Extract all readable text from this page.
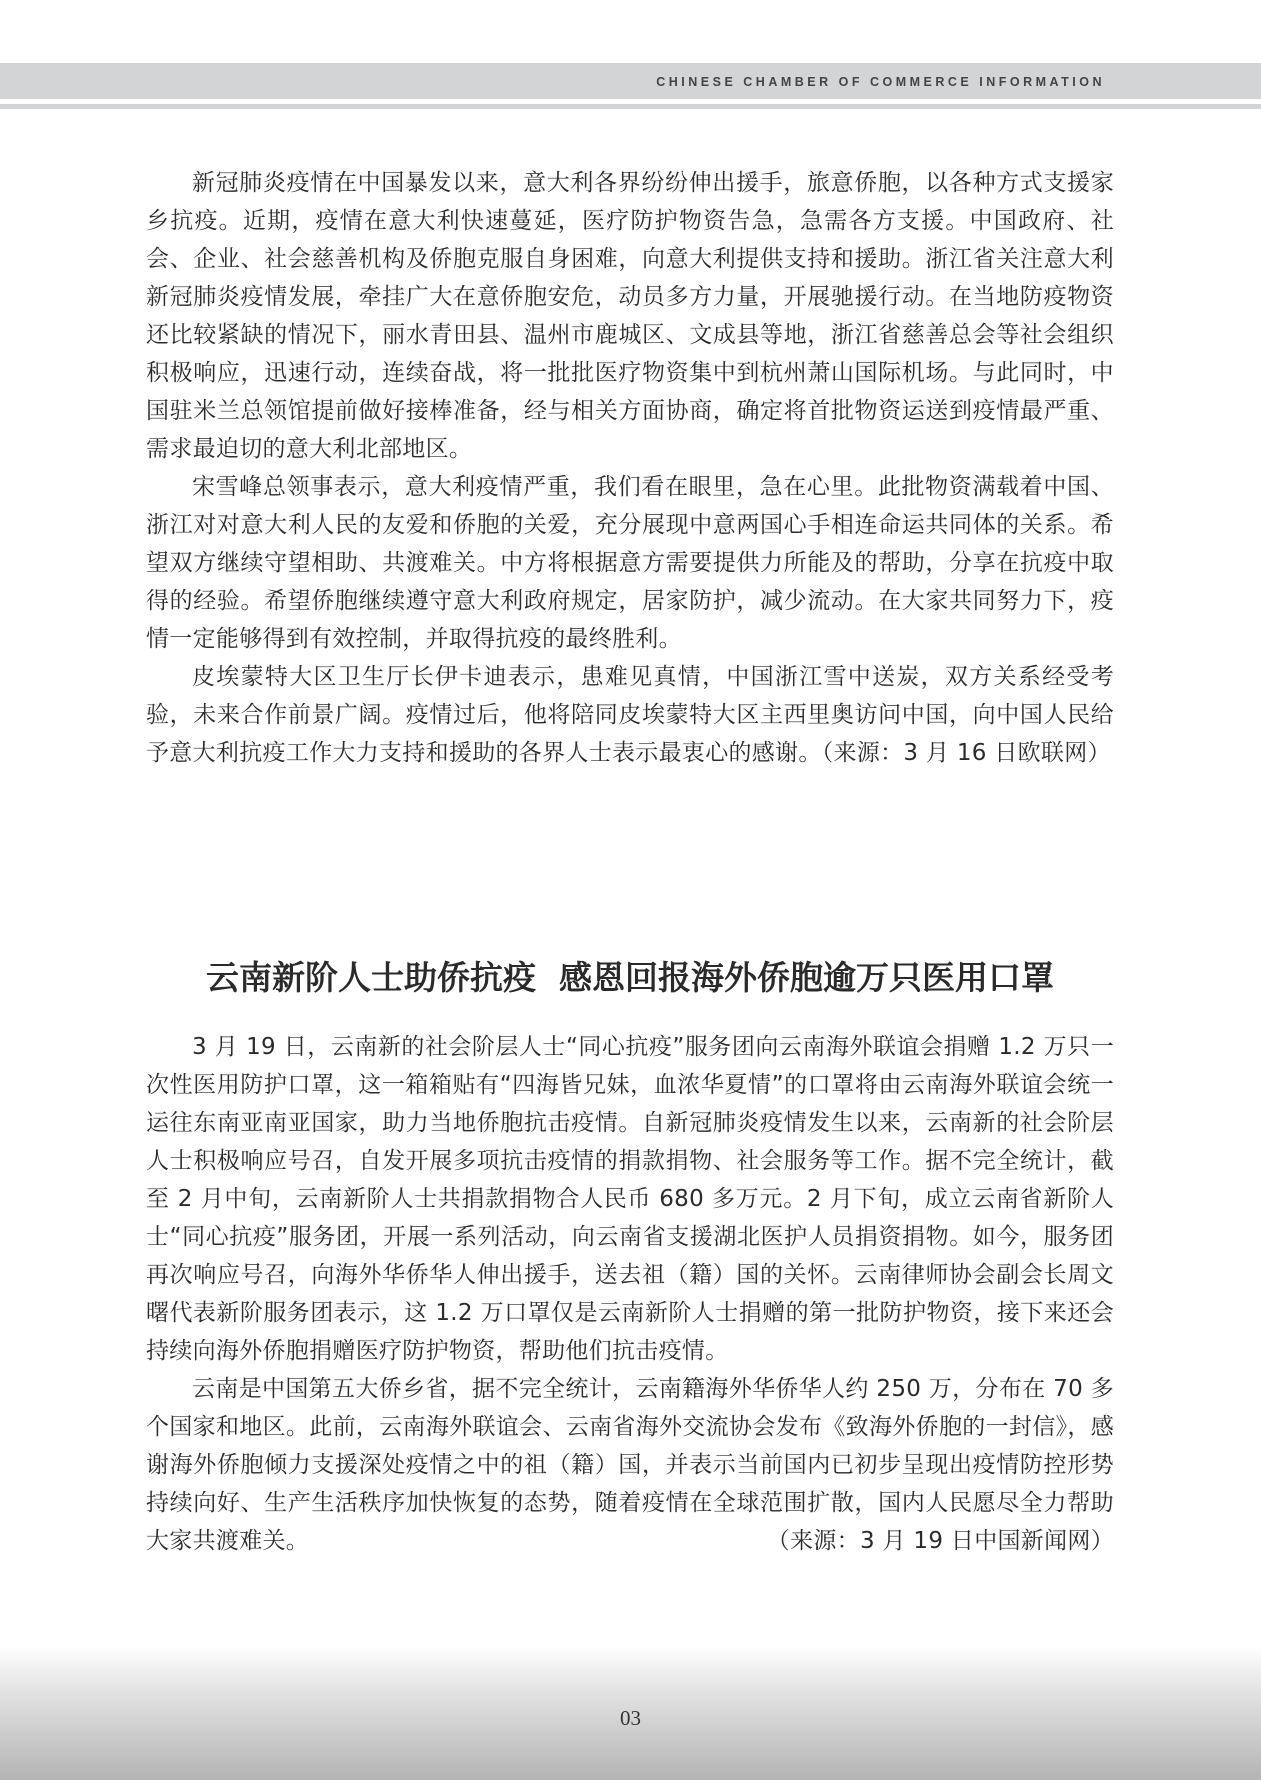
CHINESE CHAMBER OF COMMERCE INFORMATION

新冠肺炎疫情在中国暴发以来，意大利各界纷纷伸出援手，旅意侨胞，以各种方式支援家乡抗疫。近期，疫情在意大利快速蔓延，医疗防护物资告急，急需各方支援。中国政府、社会、企业、社会慈善机构及侨胞克服自身困难，向意大利提供支持和援助。浙江省关注意大利新冠肺炎疫情发展，牵挂广大在意侨胞安危，动员多方力量，开展驰援行动。在当地防疫物资还比较紧缺的情况下，丽水青田县、温州市鹿城区、文成县等地，浙江省慈善总会等社会组织积极响应，迅速行动，连续奋战，将一批批医疗物资集中到杭州萧山国际机场。与此同时，中国驻米兰总领馆提前做好接棒准备，经与相关方面协商，确定将首批物资运送到疫情最严重、需求最迫切的意大利北部地区。

宋雪峰总领事表示，意大利疫情严重，我们看在眼里，急在心里。此批物资满载着中国、浙江对对意大利人民的友爱和侨胞的关爱，充分展现中意两国心手相连命运共同体的关系。希望双方继续守望相助、共渡难关。中方将根据意方需要提供力所能及的帮助，分享在抗疫中取得的经验。希望侨胞继续遵守意大利政府规定，居家防护，减少流动。在大家共同努力下，疫情一定能够得到有效控制，并取得抗疫的最终胜利。

皮埃蒙特大区卫生厅长伊卡迪表示，患难见真情，中国浙江雪中送炭，双方关系经受考验，未来合作前景广阔。疫情过后，他将陪同皮埃蒙特大区主西里奥访问中国，向中国人民给予意大利抗疫工作大力支持和援助的各界人士表示最衷心的感谢。（来源：3 月 16 日欧联网）

云南新阶人士助侨抗疫  感恩回报海外侨胞逾万只医用口罩

3 月 19 日，云南新的社会阶层人士“同心抗疫”服务团向云南海外联谊会捐赠 1.2 万只一次性医用防护口罩，这一箱箱贴有“四海皆兄妹，血浓华夏情”的口罩将由云南海外联谊会统一运往东南亚南亚国家，助力当地侨胞抗击疫情。自新冠肺炎疫情发生以来，云南新的社会阶层人士积极响应号召，自发开展多项抗击疫情的捐款捐物、社会服务等工作。据不完全统计，截至 2 月中旬，云南新阶人士共捐款捐物合人民币 680 多万元。2 月下旬，成立云南省新阶人士“同心抗疫”服务团，开展一系列活动，向云南省支援湖北医护人员捐资捐物。如今，服务团再次响应号召，向海外华侨华人伸出援手，送去祖（籍）国的关怀。云南律师协会副会长周文曙代表新阶服务团表示，这 1.2 万口罩仅是云南新阶人士捐赠的第一批防护物资，接下来还会持续向海外侨胞捐赠医疗防护物资，帮助他们抗击疫情。

云南是中国第五大侨乡省，据不完全统计，云南籍海外华侨华人约 250 万，分布在 70 多个国家和地区。此前，云南海外联谊会、云南省海外交流协会发布《致海外侨胞的一封信》，感谢海外侨胞倾力支援深处疫情之中的祖（籍）国，并表示当前国内已初步呈现出疫情防控形势持续向好、生产生活秩序加快恢复的态势，随着疫情在全球范围扩散，国内人民愿尽全力帮助大家共渡难关。	（来源：3 月 19 日中国新闻网）

03
